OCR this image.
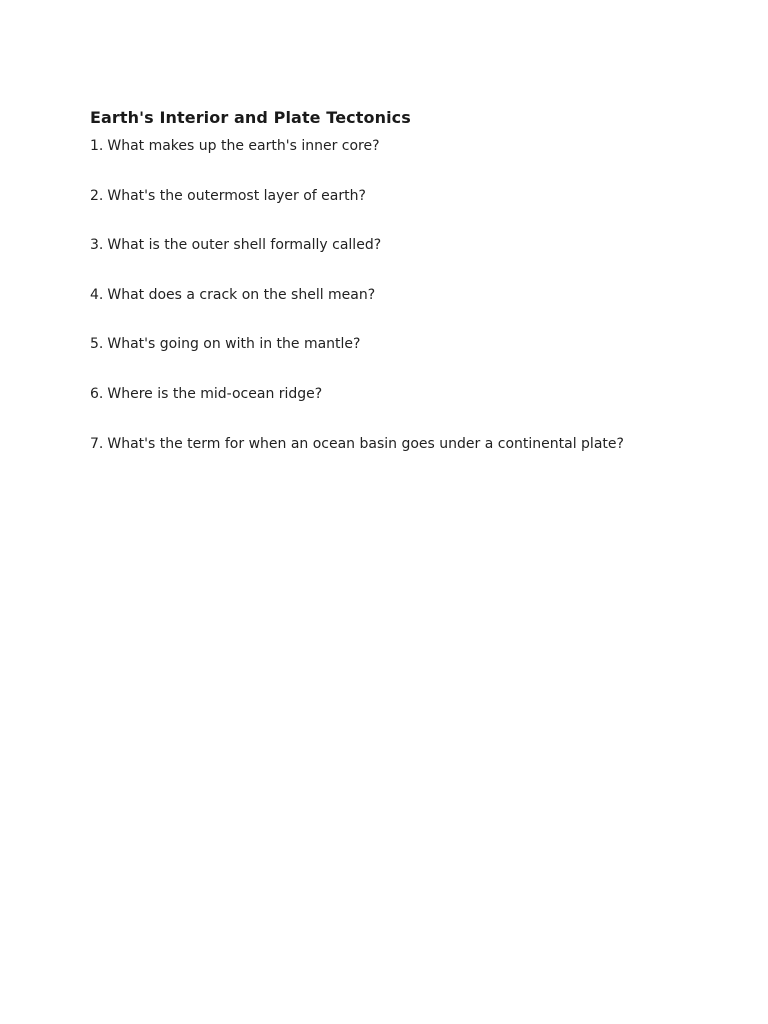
Earth's Interior and Plate Tectonics
1. What makes up the earth's inner core?
2. What's the outermost layer of earth?
3. What is the outer shell formally called?
4. What does a crack on the shell mean?
5. What's going on with in the mantle?
6. Where is the mid-ocean ridge?
7. What's the term for when an ocean basin goes under a continental plate?
